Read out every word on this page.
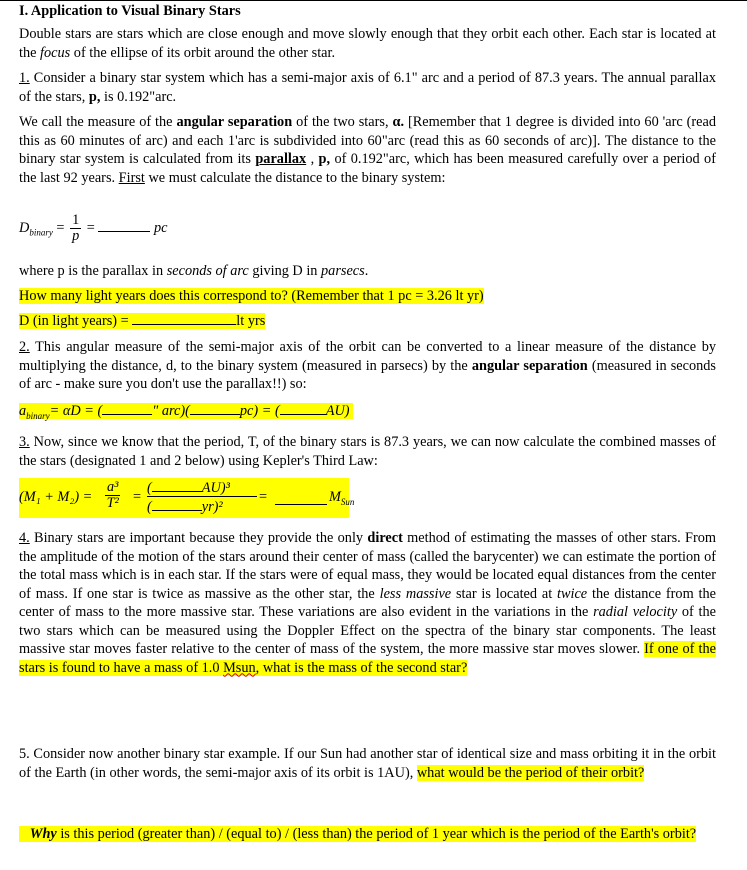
I. Application to Visual Binary Stars

Double stars are stars which are close enough and move slowly enough that they orbit each other. Each star is located at the focus of the ellipse of its orbit around the other star.

1. Consider a binary star system which has a semi-major axis of 6.1" arc and a period of 87.3 years. The annual parallax of the stars, p, is 0.192"arc.

We call the measure of the angular separation of the two stars, α. [Remember that 1 degree is divided into 60 'arc (read this as 60 minutes of arc) and each 1'arc is subdivided into 60"arc (read this as 60 seconds of arc)]. The distance to the binary star system is calculated from its parallax , p, of 0.192"arc, which has been measured carefully over a period of the last 92 years. First we must calculate the distance to the binary system:

$D_{binary} = \frac{1}{p}$ =	pc

where p is the parallax in seconds of arc giving D in parsecs.

How many light years does this correspond to? (Remember that 1 pc = 3.26 lt yr)

D (in light years) =	lt yrs

2. This angular measure of the semi-major axis of the orbit can be converted to a linear measure of the distance by multiplying the distance, d, to the binary system (measured in parsecs) by the angular separation (measured in seconds of arc - make sure you don't use the parallax!!) so:

$a_{binary}= \alpha D$ = (	" arc)(	pc) = (	AU)

3. Now, since we know that the period, T, of the binary stars is 87.3 years, we can now calculate the combined masses of the stars (designated 1 and 2 below) using Kepler's Third Law:

$(M_1 + M_2) = \frac{\text{a³}}{\text{T²}}$ =
(	AU)³
(	yr)²
=	$M_{Sun}$

4. Binary stars are important because they provide the only direct method of estimating the masses of other stars. From the amplitude of the motion of the stars around their center of mass (called the barycenter) we can estimate the portion of the total mass which is in each star. If the stars were of equal mass, they would be located equal distances from the center of mass. If one star is twice as massive as the other star, the less massive star is located at twice the distance from the center of mass to the more massive star. These variations are also evident in the variations in the radial velocity of the two stars which can be measured using the Doppler Effect on the spectra of the binary star components. The least massive star moves faster relative to the center of mass of the system, the more massive star moves slower. If one of the stars is found to have a mass of 1.0 Msun, what is the mass of the second star?

5. Consider now another binary star example. If our Sun had another star of identical size and mass orbiting it in the orbit of the Earth (in other words, the semi-major axis of its orbit is 1AU), what would be the period of their orbit?

Why is this period (greater than) / (equal to) / (less than) the period of 1 year which is the period of the Earth's orbit?
